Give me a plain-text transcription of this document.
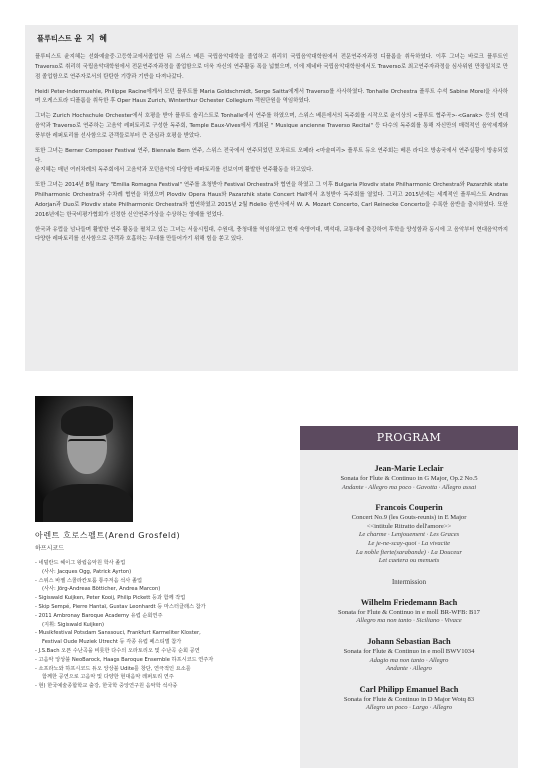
플루티스트 윤 지 혜

플루티스트 윤지혜는 선화예술중·고등학교에서졸업한 뒤 스위스 베른 국립음악대학을 졸업하고 취리히 국립음악대학원에서 전문연주자과정 디플롬을 취득하였다. 이후 그녀는 바로크 플루트인 Traverso로 취리히 국립음악대학원에서 전문연주자과정을 졸업함으로 더욱 자신의 연주활동 폭을 넓혔으며, 이에 제네바 국립음악대학원에서도 Traverso로 최고연주자과정을 심사위원 만장일치로 만점 졸업함으로 연주자로서의 탄탄한 기량과 기반을 다져나갔다.

Heidi Peter-Indermuehle, Philippe Racine에게서 모던 플루트를 Maria Goldschmidt, Serge Saitta에게서 Traverso를 사사하였다. Tonhalle Orchestra 플루트 수석 Sabine Morel을 사사하며 오케스트라 디플롬을 취득한 후 Oper Haus Zurich, Winterthur Ochester Collegium 객원단원을 역임하였다.

그녀는 Zurich Hochschule Orchester에서 호평을 받아 플루트 솔리스트로 Tonhalle에서 연주를 하였으며, 스위스 베른에서의 독주회를 시작으로 윤이상의 <플루트 협주곡>·<Garak> 등의 현대음악과 Traverso로 연주하는 고음악 레퍼토리로 구성한 독주회, Temple Eaux-Vives에서 개최된 " Musique ancienne Traverso Recital" 등 다수의 독주회를 통해 자신만의 매력적인 음악세계와 풍부한 레퍼토리를 선사함으로 관객들로부터 큰 관심과 호평을 받았다.

또한 그녀는 Berner Composer Festival 연주, Biennale Bern 연주, 스위스 전국에서 연주되었던 모차르트 오페라 <마술피리> 플루트 듀오 연주회는 베른 라디오 방송국에서 연주실황이 방송되었다.
윤지혜는 매년 여러차례의 독주회에서 고음악과 모던음악의 다양한 레파토리를 선보이며 활발한 연주활동을 하고있다.

또한 그녀는 2014년 8월 Itary "Emilia Romagna Festival" 연주를 초청받아 Festival Orchestra와 협연을 하였고 그 이후 Bulgaria Plovdiv state Philharmonic Orchestra와 Pazarzhik state Philharmonic Orchestra와 수차례 협연을 하였으며 Plovdiv Opera Haus와 Pazarzhik state Concert Hall에서 초청받아 독주회를 열었다. 그리고 2015년에는 세계적인 플루티스트 Andras Adorjan과 Duo로 Plovdiv state Philharmonic Orchestra와 협연하였고 2015년 2월 Fidelio 음반사에서 W. A. Mozart Concerto, Carl Reinecke Concerto을 수록한 음반을 출시하였다. 또한 2016년에는 한국비평가협회가 선정한 신인연주가상을 수상하는 영예를 얻었다.

한국과 유럽을 넘나들며 활발한 연주 활동을 펼치고 있는 그녀는 서울시립대, 수원대, 충청대를 역임하였고 현재 숙명여대, 백석대, 교통대에 출강하여 후학을 양성함과 동시에 고 음악부터 현대음악까지 다양한 레파토리를 선사함으로 관객과 호흡하는 무대를 만들어가기 위해 힘을 쏟고 있다.

아렌트 흐로스펠트(Arend Grosfeld)

하프시코드

- 네덜란드 헤이그 왕립음악원 학사 졸업
(사사: Jacques Ogg, Patrick Ayrton)
- 스위스 바젤 스콜라칸토룸 통주저음 석사 졸업
(사사: Jörg-Andreas Bötticher, Andrea Marcon)
- Sigiswald Kuijken, Peter Kooij, Philip Pickett 등과 함께 작업
- Skip Sempé, Pierre Hantaï, Gustav Leonhardt 등 마스터클래스 참가
- 2011 Ambronay Baroque Academy 유럽 순회연주
(지휘: Sigiswald Kuijken)
- Musikfestival Potsdam Sanssouci, Frankfurt Karmeliter Kloster,
Festival Oude Muziek Utrecht 등 각종 유럽 페스티벌 참가
- J.S.Bach 오픈 수난곡을 비롯한 다수의 오라토리오 및 수난곡 순회 공연
- 고음악 앙상블 NeoBarock, Haags Baroque Ensemble 하프시코드 연주자
- 소프라노와 하프시코드 듀오 앙상블 Udite를 창단, 연극적인 요소를
함께한 공연으로 고음악 및 다양한 현대음악 레퍼토리 연주
- 현) 한국예술종합학교 출강, 한국학 중앙연구원 음악학 석사중
PROGRAM

Jean-Marie Leclair

Sonata for Flute & Continuo in G Major, Op.2 No.5

Andante · Allegro ma poco · Gavotta · Allegro assai

Francois Couperin

Concert No.9 (les Gouts-reunis) in E Major

<<intitule Ritratto dell'amore>>

Le charme · Lenjouement · Les Graces

Le je-ne-scay-quoi · La vivacite

La noble fierte(sarabande) · La Douceur

Let caetera ou menuets

Intermission

Wilhelm Friedemann Bach

Sonata for Flute & Continuo in e moll BR-WFB: B17

Allegro ma non tanto · Siciliano · Vivace

Johann Sebastian Bach

Sonata for Flute & Continuo in e moll BWV1034

Adagio ma non tanto · Allegro

Andante · Allegro

Carl Philipp Emanuel Bach

Sonata for Flute & Continuo in D Major Wotq 83

Allegro un poco · Largo · Allegro
